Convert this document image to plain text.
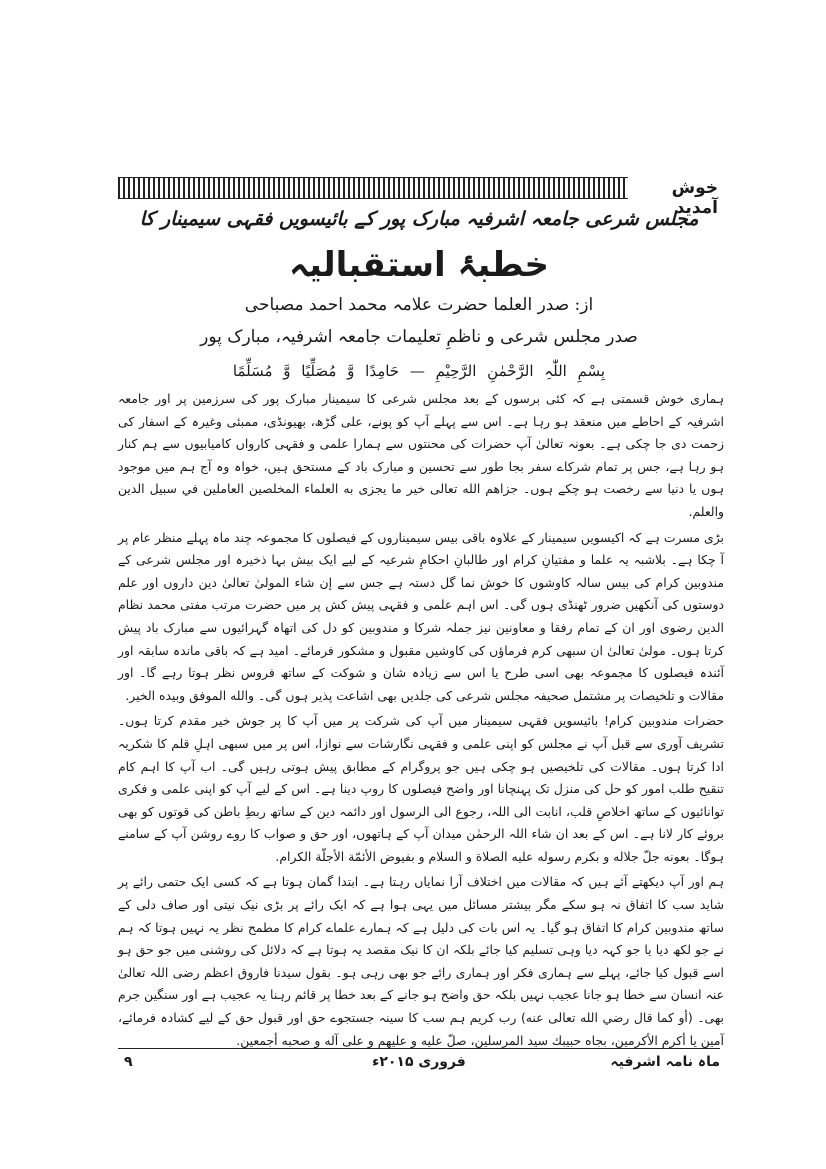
خوش آمدید
مجلس شرعی جامعہ اشرفیہ مبارک پور کے بائیسویں فقہی سیمینار کا
خطبۂ استقبالیہ
از: صدر العلما حضرت علامہ محمد احمد مصباحی
صدر مجلس شرعی و ناظمِ تعلیمات جامعہ اشرفیہ، مبارک پور
بِسْمِ اللّٰہِ الرَّحْمٰنِ الرَّحِیْمِ — حَامِدًا وَّ مُصَلِّیًا وَّ مُسَلِّمًا

ہماری خوش قسمتی ہے کہ کئی برسوں کے بعد مجلس شرعی کا سیمینار مبارک پور کی سرزمین پر اور جامعہ اشرفیہ کے احاطے میں منعقد ہو رہا ہے۔ اس سے پہلے آپ کو پونے، علی گڑھ، بھیونڈی، ممبئی وغیرہ کے اسفار کی زحمت دی جا چکی ہے۔ بعونہ تعالیٰ آپ حضرات کی محنتوں سے ہمارا علمی و فقہی کارواں کامیابیوں سے ہم کنار ہو رہا ہے، جس پر تمام شرکاے سفر بجا طور سے تحسین و مبارک باد کے مستحق ہیں، خواہ وہ آج ہم میں موجود ہوں یا دنیا سے رخصت ہو چکے ہوں۔ جزاهم الله تعالى خير ما يجزى به العلماء المخلصين العاملين في سبيل الدين والعلم.

بڑی مسرت ہے کہ اکیسویں سیمینار کے علاوہ باقی بیس سیمیناروں کے فیصلوں کا مجموعہ چند ماہ پہلے منظر عام پر آ چکا ہے۔ بلاشبہ یہ علما و مفتیانِ کرام اور طالبانِ احکامِ شرعیہ کے لیے ایک بیش بہا ذخیرہ اور مجلس شرعی کے مندوبین کرام کی بیس سالہ کاوشوں کا خوش نما گل دستہ ہے جس سے إن شاء المولىٰ تعالیٰ دین داروں اور علم دوستوں کی آنکھیں ضرور ٹھنڈی ہوں گی۔ اس اہم علمی و فقہی پیش کش پر میں حضرت مرتب مفتی محمد نظام الدین رضوی اور ان کے تمام رفقا و معاونین نیز جملہ شرکا و مندوبین کو دل کی اتھاہ گہرائیوں سے مبارک باد پیش کرتا ہوں۔ مولیٰ تعالیٰ ان سبھی کرم فرماؤں کی کاوشیں مقبول و مشکور فرمائے۔ امید ہے کہ باقی ماندہ سابقہ اور آئندہ فیصلوں کا مجموعہ بھی اسی طرح یا اس سے زیادہ شان و شوکت کے ساتھ فروس نظر ہوتا رہے گا۔ اور مقالات و تلخیصات پر مشتمل صحیفہ مجلس شرعی کی جلدیں بھی اشاعت پذیر ہوں گی۔ والله الموفق وبيده الخير.

حضرات مندوبین کرام! بائیسویں فقہی سیمینار میں آپ کی شرکت پر میں آپ کا پر جوش خیر مقدم کرتا ہوں۔ تشریف آوری سے قبل آپ نے مجلس کو اپنی علمی و فقہی نگارشات سے نوازا، اس پر میں سبھی اہلِ قلم کا شکریہ ادا کرتا ہوں۔ مقالات کی تلخیصیں ہو چکی ہیں جو پروگرام کے مطابق پیش ہوتی رہیں گی۔ اب آپ کا اہم کام تنقیح طلب امور کو حل کی منزل تک پہنچانا اور واضح فیصلوں کا روپ دینا ہے۔ اس کے لیے آپ کو اپنی علمی و فکری توانائیوں کے ساتھ اخلاصِ قلب، انابت الی اللہ، رجوع الی الرسول اور دائمہ دین کے ساتھ ربطِ باطن کی قوتوں کو بھی بروئے کار لانا ہے۔ اس کے بعد ان شاء اللہ الرحمٰن میدان آپ کے ہاتھوں، اور حق و صواب کا روے روشن آپ کے سامنے ہوگا۔ بعونه جلّ جلاله و بكرم رسوله عليه الصلاة و السلام و بفيوض الأئمّة الأجلّة الكرام.

ہم اور آپ دیکھتے آئے ہیں کہ مقالات میں اختلاف آرا نمایاں رہتا ہے۔ ابتدا گمان ہوتا ہے کہ کسی ایک حتمی رائے پر شاید سب کا اتفاق نہ ہو سکے مگر بیشتر مسائل میں یہی ہوا ہے کہ ایک رائے پر بڑی نیک نیتی اور صاف دلی کے ساتھ مندوبین کرام کا اتفاق ہو گیا۔ یہ اس بات کی دلیل ہے کہ ہمارے علماے کرام کا مطمح نظر یہ نہیں ہوتا کہ ہم نے جو لکھ دیا یا جو کہہ دیا وہی تسلیم کیا جائے بلکہ ان کا نیک مقصد یہ ہوتا ہے کہ دلائل کی روشنی میں جو حق ہو اسے قبول کیا جائے، پہلے سے ہماری فکر اور ہماری رائے جو بھی رہی ہو۔ بقول سیدنا فاروق اعظم رضی اللہ تعالیٰ عنہ انسان سے خطا ہو جانا عجیب نہیں بلکہ حق واضح ہو جانے کے بعد خطا پر قائم رہنا یہ عجیب ہے اور سنگین جرم بھی۔ (أو كما قال رضي الله تعالى عنه) رب کریم ہم سب کا سینہ جستجوے حق اور قبول حق کے لیے کشادہ فرمائے، آمین یا أكرم الأكرمين، بجاه حبيبك سيد المرسلين، صلّ عليه و عليهم و على آله و صحبه أجمعين.

ماہ نامہ اشرفیہ
فروری ۲۰۱۵ء
۹
